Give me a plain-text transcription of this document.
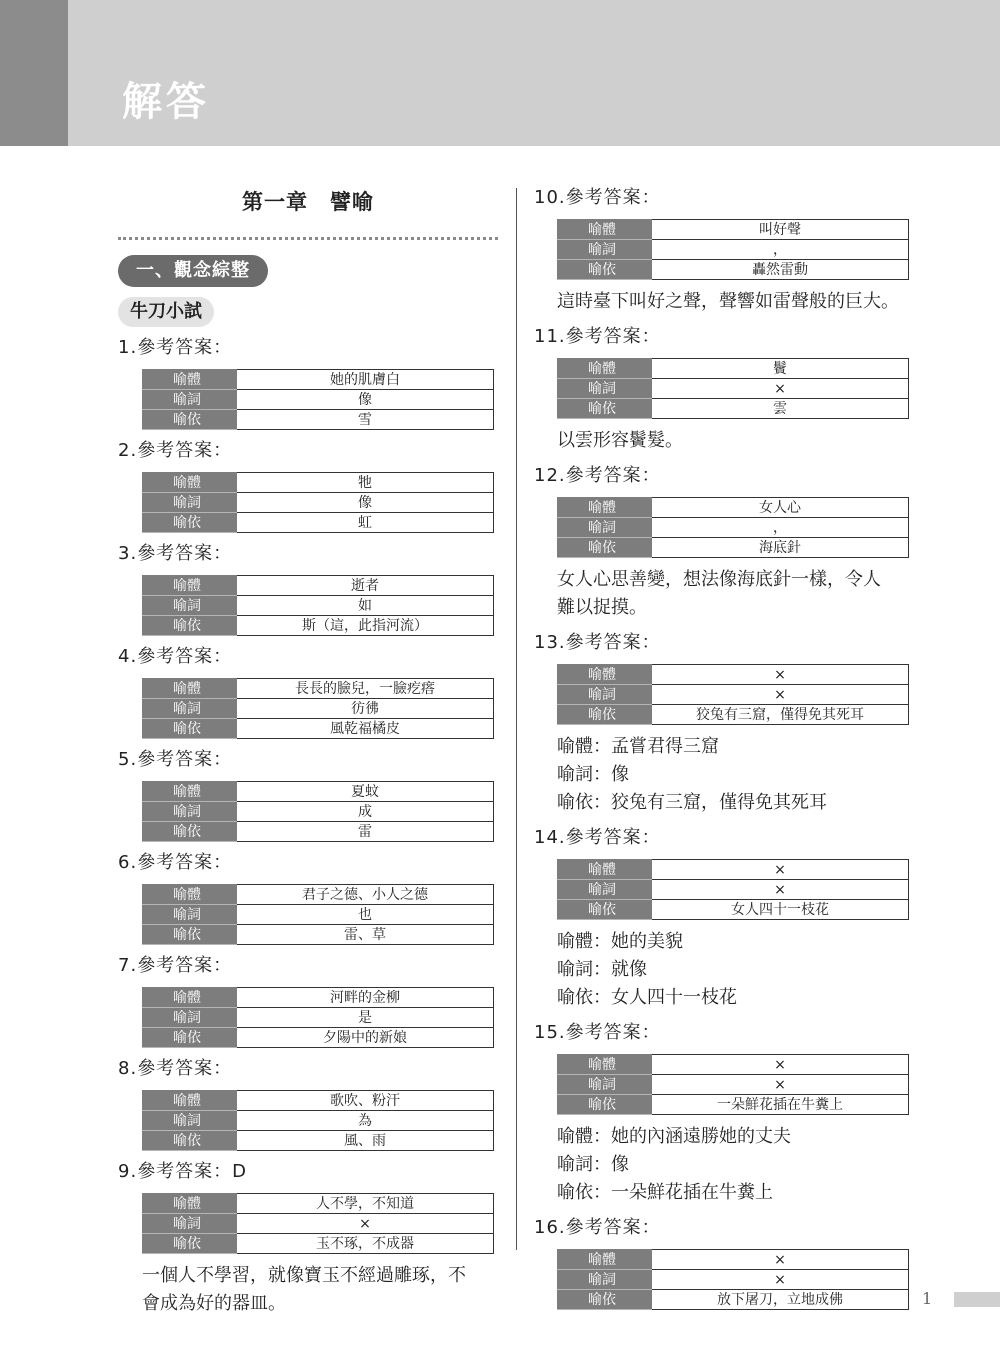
解答
第一章　譬喻
一、觀念綜整
牛刀小試
1.參考答案：
喻體	她的肌膚白
喻詞	像
喻依	雪
2.參考答案：
喻體	牠
喻詞	像
喻依	虹
3.參考答案：
喻體	逝者
喻詞	如
喻依	斯（這，此指河流）
4.參考答案：
喻體	長長的臉兒，一臉疙瘩
喻詞	彷彿
喻依	風乾福橘皮
5.參考答案：
喻體	夏蚊
喻詞	成
喻依	雷
6.參考答案：
喻體	君子之德、小人之德
喻詞	也
喻依	雷、草
7.參考答案：
喻體	河畔的金柳
喻詞	是
喻依	夕陽中的新娘
8.參考答案：
喻體	歌吹、粉汗
喻詞	為
喻依	風、雨
9.參考答案：D
喻體	人不學，不知道
喻詞	×
喻依	玉不琢，不成器
一個人不學習，就像寶玉不經過雕琢，不
會成為好的器皿。
10.參考答案：
喻體	叫好聲
喻詞	，
喻依	轟然雷動
這時臺下叫好之聲，聲響如雷聲般的巨大。
11.參考答案：
喻體	鬢
喻詞	×
喻依	雲
以雲形容鬢髮。
12.參考答案：
喻體	女人心
喻詞	，
喻依	海底針
女人心思善變，想法像海底針一樣，令人
難以捉摸。
13.參考答案：
喻體	×
喻詞	×
喻依	狡兔有三窟，僅得免其死耳
喻體：孟嘗君得三窟
喻詞：像
喻依：狡兔有三窟，僅得免其死耳
14.參考答案：
喻體	×
喻詞	×
喻依	女人四十一枝花
喻體：她的美貌
喻詞：就像
喻依：女人四十一枝花
15.參考答案：
喻體	×
喻詞	×
喻依	一朵鮮花插在牛糞上
喻體：她的內涵遠勝她的丈夫
喻詞：像
喻依：一朵鮮花插在牛糞上
16.參考答案：
喻體	×
喻詞	×
喻依	放下屠刀，立地成佛	1
